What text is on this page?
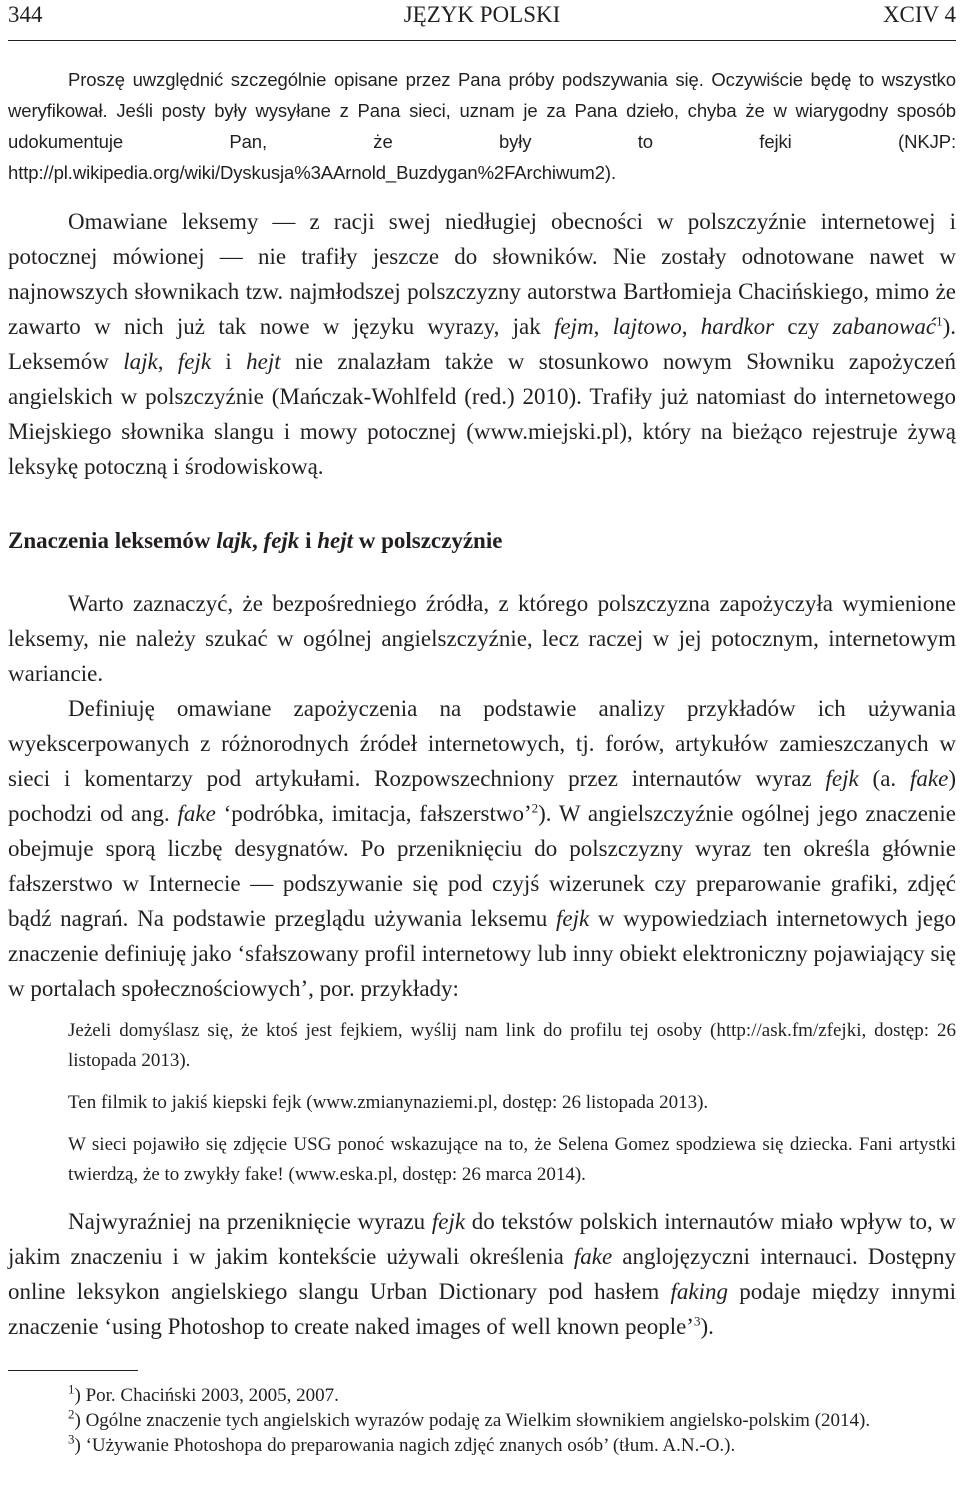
344	JĘZYK POLSKI	XCIV 4

Proszę uwzględnić szczególnie opisane przez Pana próby podszywania się. Oczywiście będę to wszystko weryfikował. Jeśli posty były wysyłane z Pana sieci, uznam je za Pana dzieło, chyba że w wiarygodny sposób udokumentuje Pan, że były to fejki (NKJP: http://pl.wikipedia.org/wiki/Dyskusja%3AArnold_Buzdygan%2FArchiwum2).

Omawiane leksemy — z racji swej niedługiej obecności w polszczyźnie internetowej i potocznej mówionej — nie trafiły jeszcze do słowników. Nie zostały odnotowane nawet w najnowszych słownikach tzw. najmłodszej polszczyzny autorstwa Bartłomieja Chacińskiego, mimo że zawarto w nich już tak nowe w języku wyrazy, jak fejm, lajtowo, hardkor czy zabanować$^1$). Leksemów lajk, fejk i hejt nie znalazłam także w stosunkowo nowym Słowniku zapożyczeń angielskich w polszczyźnie (Mańczak-Wohlfeld (red.) 2010). Trafiły już natomiast do internetowego Miejskiego słownika slangu i mowy potocznej (www.miejski.pl), który na bieżąco rejestruje żywą leksykę potoczną i środowiskową.

Znaczenia leksemów lajk, fejk i hejt w polszczyźnie

Warto zaznaczyć, że bezpośredniego źródła, z którego polszczyzna zapożyczyła wymienione leksemy, nie należy szukać w ogólnej angielszczyźnie, lecz raczej w jej potocznym, internetowym wariancie.

Definiuję omawiane zapożyczenia na podstawie analizy przykładów ich używania wyekscerpowanych z różnorodnych źródeł internetowych, tj. forów, artykułów zamieszczanych w sieci i komentarzy pod artykułami. Rozpowszechniony przez internautów wyraz fejk (a. fake) pochodzi od ang. fake ‘podróbka, imitacja, fałszerstwo’$^2$). W angielszczyźnie ogólnej jego znaczenie obejmuje sporą liczbę desygnatów. Po przeniknięciu do polszczyzny wyraz ten określa głównie fałszerstwo w Internecie — podszywanie się pod czyjś wizerunek czy preparowanie grafiki, zdjęć bądź nagrań. Na podstawie przeglądu używania leksemu fejk w wypowiedziach internetowych jego znaczenie definiuję jako ‘sfałszowany profil internetowy lub inny obiekt elektroniczny pojawiający się w portalach społecznościowych’, por. przykłady:

Jeżeli domyślasz się, że ktoś jest fejkiem, wyślij nam link do profilu tej osoby (http://ask.fm/zfejki, dostęp: 26 listopada 2013).

Ten filmik to jakiś kiepski fejk (www.zmianynaziemi.pl, dostęp: 26 listopada 2013).

W sieci pojawiło się zdjęcie USG ponoć wskazujące na to, że Selena Gomez spodziewa się dziecka. Fani artystki twierdzą, że to zwykły fake! (www.eska.pl, dostęp: 26 marca 2014).

Najwyraźniej na przeniknięcie wyrazu fejk do tekstów polskich internautów miało wpływ to, w jakim znaczeniu i w jakim kontekście używali określenia fake anglojęzyczni internauci. Dostępny online leksykon angielskiego slangu Urban Dictionary pod hasłem faking podaje między innymi znaczenie ‘using Photoshop to create naked images of well known people’$^3$).

$^1$) Por. Chaciński 2003, 2005, 2007.

$^2$) Ogólne znaczenie tych angielskich wyrazów podaję za Wielkim słownikiem angielsko-polskim (2014).

$^3$) ‘Używanie Photoshopa do preparowania nagich zdjęć znanych osób’ (tłum. A.N.-O.).
